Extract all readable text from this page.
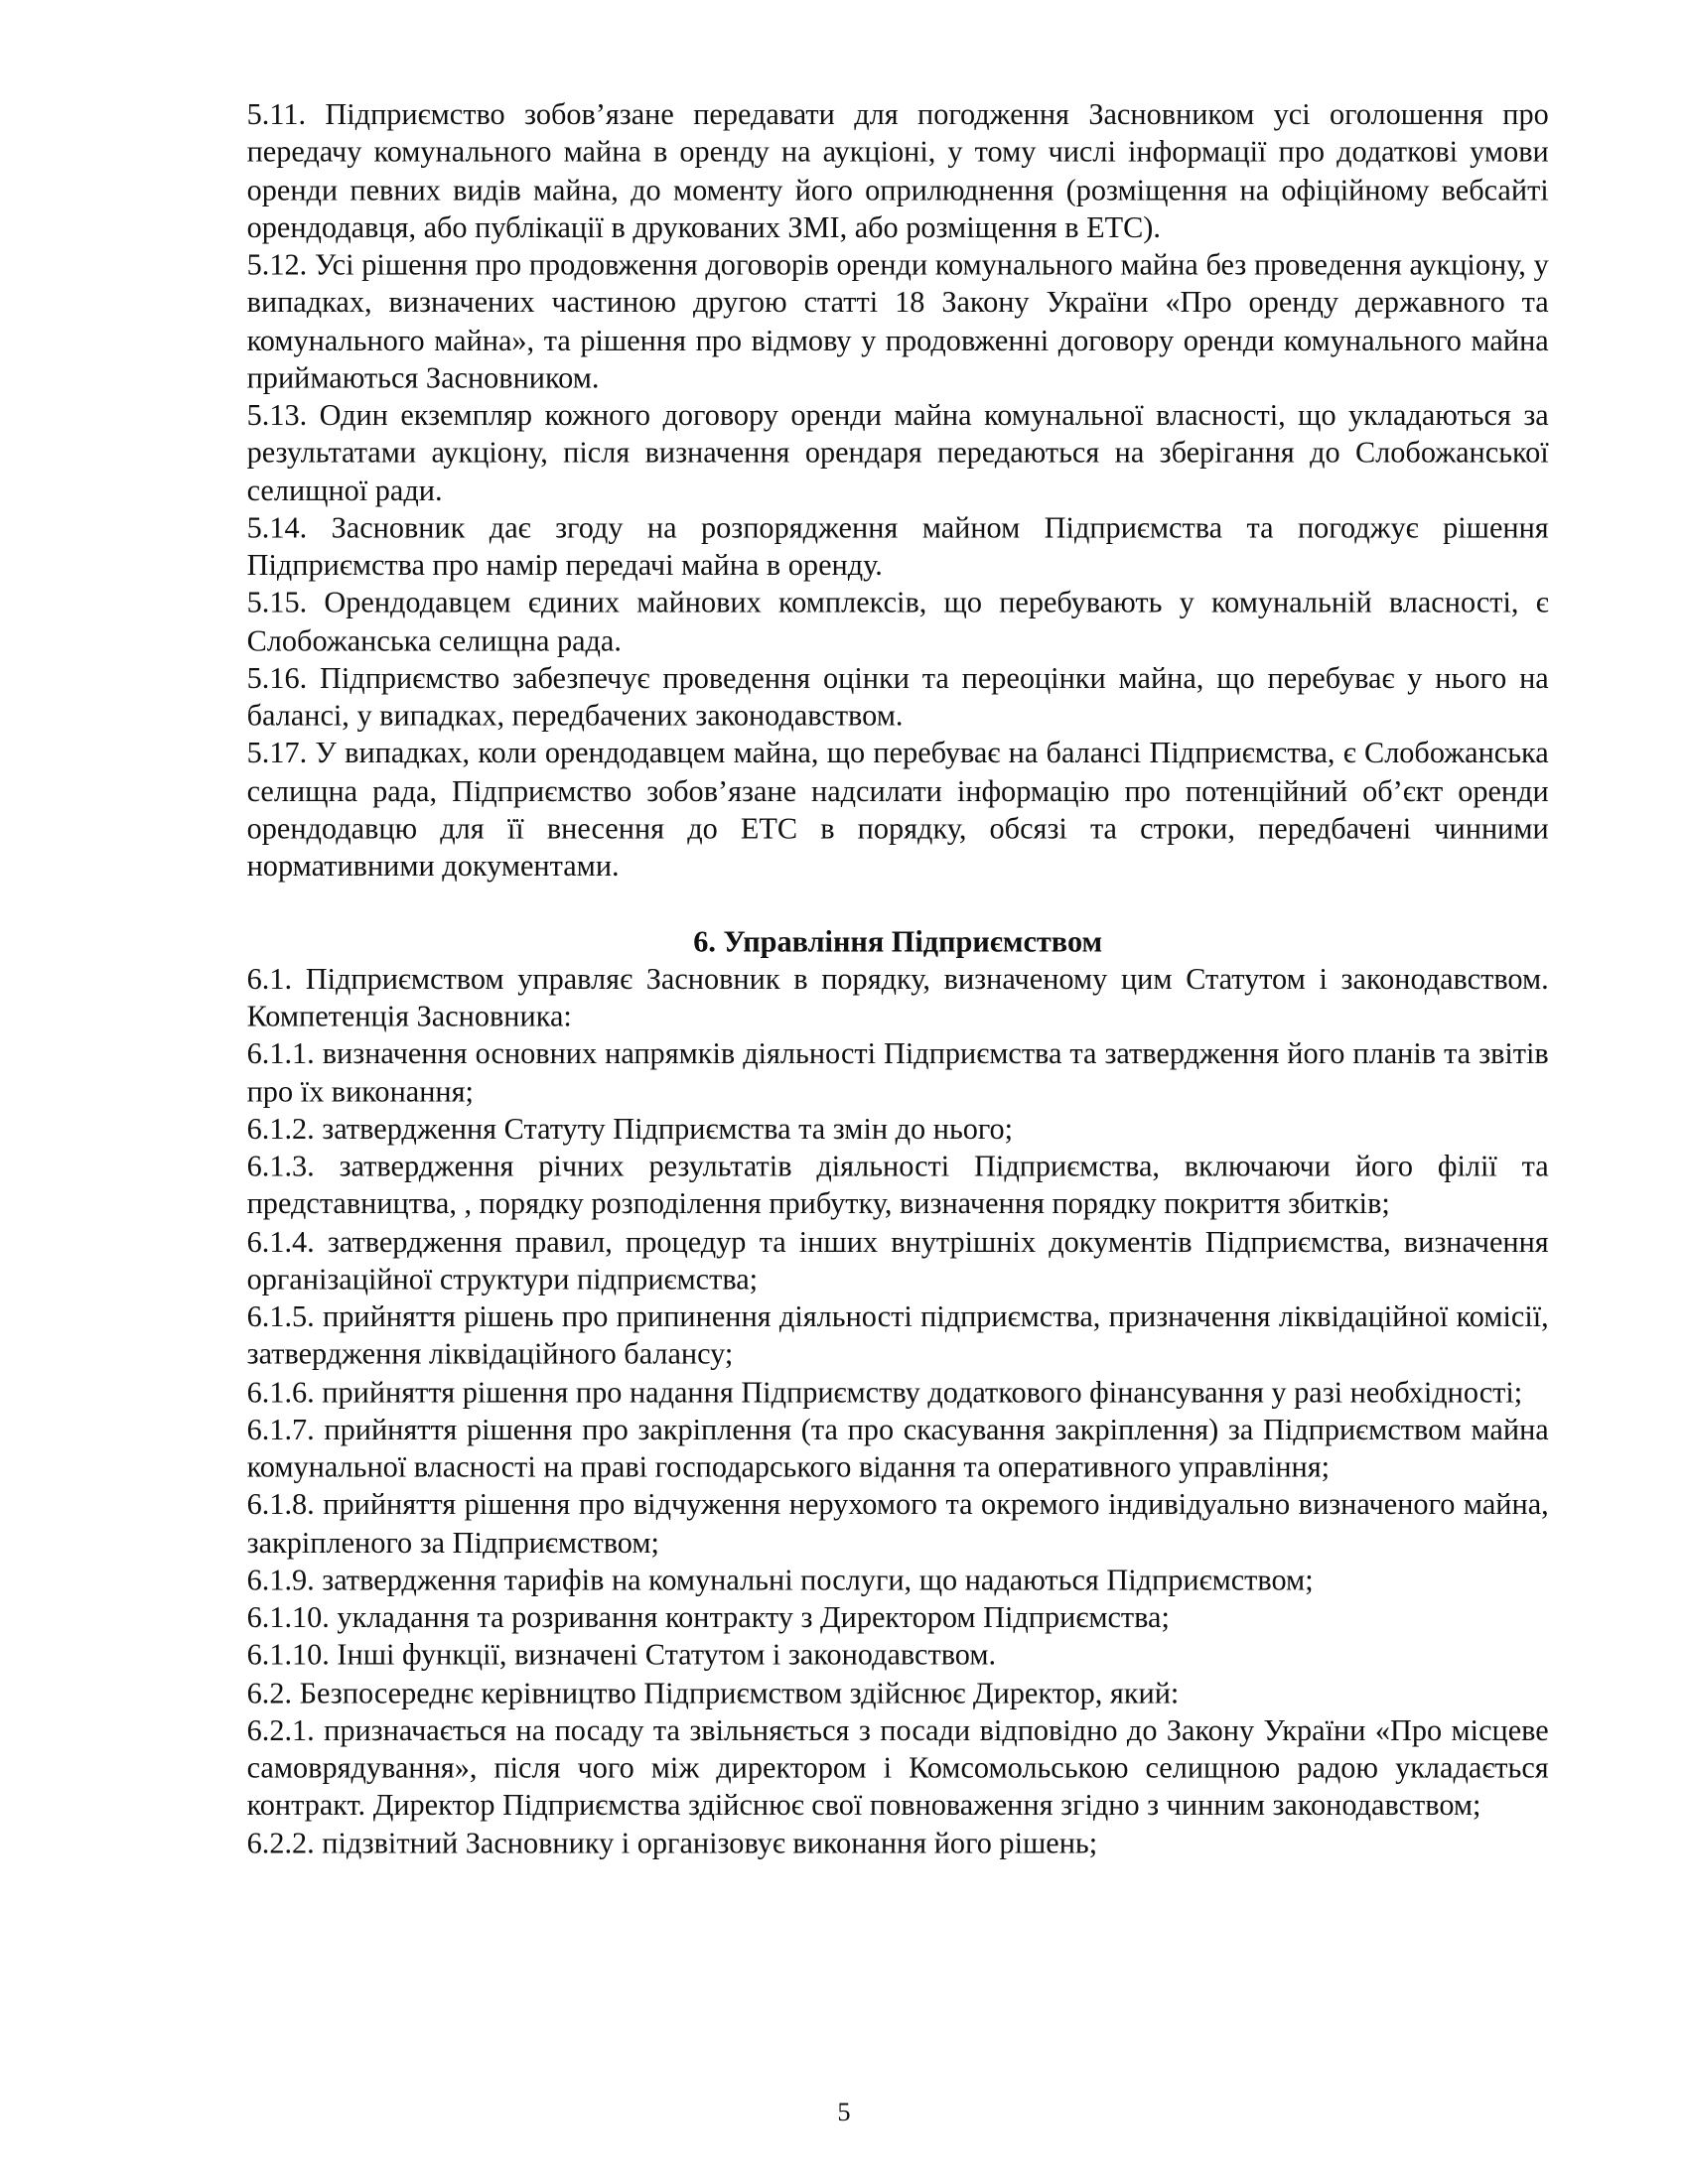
5.11. Підприємство зобов’язане передавати для погодження Засновником усі оголошення про передачу комунального майна в оренду на аукціоні, у тому числі інформації про додаткові умови оренди певних видів майна, до моменту його оприлюднення (розміщення на офіційному вебсайті орендодавця, або публікації в друкованих ЗМІ, або розміщення в ЕТС).

5.12. Усі рішення про продовження договорів оренди комунального майна без проведення аукціону, у випадках, визначених частиною другою статті 18 Закону України «Про оренду державного та комунального майна», та рішення про відмову у продовженні договору оренди комунального майна приймаються Засновником.

5.13. Один екземпляр кожного договору оренди майна комунальної власності, що укладаються за результатами аукціону, після визначення орендаря передаються на зберігання до Слобожанської селищної ради.

5.14. Засновник дає згоду на розпорядження майном Підприємства та погоджує рішення Підприємства про намір передачі майна в оренду.

5.15. Орендодавцем єдиних майнових комплексів, що перебувають у комунальній власності, є Слобожанська селищна рада.

5.16. Підприємство забезпечує проведення оцінки та переоцінки майна, що перебуває у нього на балансі, у випадках, передбачених законодавством.

5.17. У випадках, коли орендодавцем майна, що перебуває на балансі Підприємства, є Слобожанська селищна рада, Підприємство зобов’язане надсилати інформацію про потенційний об’єкт оренди орендодавцю для її внесення до ЕТС в порядку, обсязі та строки, передбачені чинними нормативними документами.

6. Управління Підприємством

6.1. Підприємством управляє Засновник в порядку, визначеному цим Статутом і законодавством. Компетенція Засновника:

6.1.1. визначення основних напрямків діяльності Підприємства та затвердження його планів та звітів про їх виконання;

6.1.2. затвердження Статуту Підприємства та змін до нього;

6.1.3. затвердження річних результатів діяльності Підприємства, включаючи його філії та представництва, , порядку розподілення прибутку, визначення порядку покриття збитків;

6.1.4. затвердження правил, процедур та інших внутрішніх документів Підприємства, визначення організаційної структури підприємства;

6.1.5. прийняття рішень про припинення діяльності підприємства, призначення ліквідаційної комісії, затвердження ліквідаційного балансу;

6.1.6. прийняття рішення про надання Підприємству додаткового фінансування у разі необхідності;

6.1.7. прийняття рішення про закріплення (та про скасування закріплення) за Підприємством майна комунальної власності на праві господарського відання та оперативного управління;

6.1.8. прийняття рішення про відчуження нерухомого та окремого індивідуально визначеного майна, закріпленого за Підприємством;

6.1.9. затвердження тарифів на комунальні послуги, що надаються Підприємством;

6.1.10. укладання та розривання контракту з Директором Підприємства;

6.1.10. Інші функції, визначені Статутом і законодавством.

6.2. Безпосереднє керівництво Підприємством здійснює Директор, який:

6.2.1. призначається на посаду та звільняється з посади відповідно до Закону України «Про місцеве самоврядування», після чого між директором і Комсомольською селищною радою укладається контракт. Директор Підприємства здійснює свої повноваження згідно з чинним законодавством;

6.2.2. підзвітний Засновнику і організовує виконання його рішень;

5
